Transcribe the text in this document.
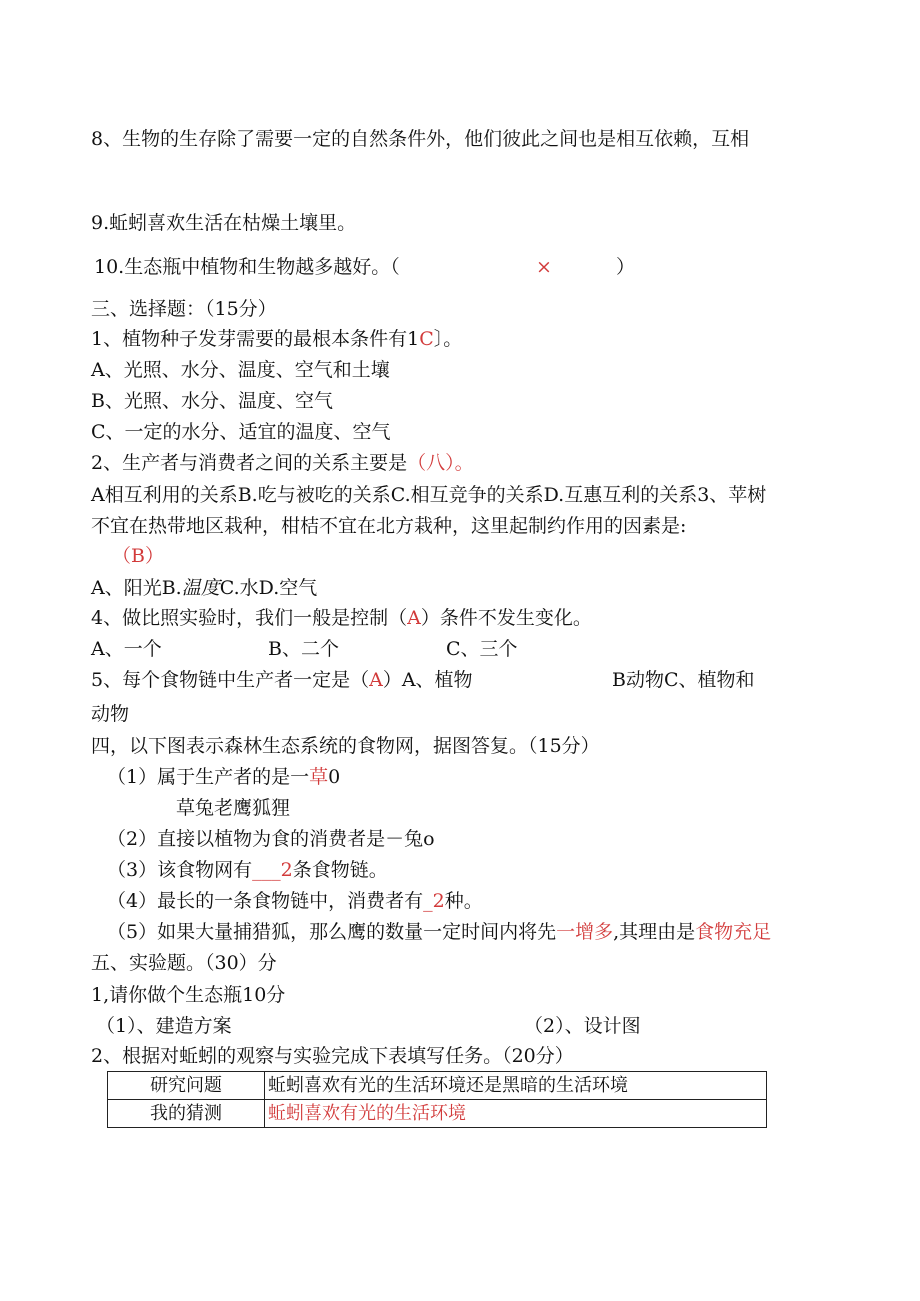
8、生物的生存除了需要一定的自然条件外，他们彼此之间也是相互依赖，互相
9.蚯蚓喜欢生活在枯燥土壤里。
10.生态瓶中植物和生物越多越好。（	×	）
三、选择题：（15分）
1、植物种子发芽需要的最根本条件有1C〕。
A、光照、水分、温度、空气和土壤
B、光照、水分、温度、空气
C、一定的水分、适宜的温度、空气
2、生产者与消费者之间的关系主要是（八）。
A相互利用的关系B.吃与被吃的关系C.相互竞争的关系D.互惠互利的关系3、苹树
不宜在热带地区栽种，柑桔不宜在北方栽种，这里起制约作用的因素是:
（B）
A、阳光B.温度C.水D.空气
4、做比照实验时，我们一般是控制（A）条件不发生变化。
A、一个	B、二个	C、三个
5、每个食物链中生产者一定是（A）A、植物	B动物C、植物和
动物
四，以下图表示森林生态系统的食物网，据图答复。（15分）
（1）属于生产者的是一草0
草兔老鹰狐狸
（2）直接以植物为食的消费者是－兔o
（3）该食物网有___2条食物链。
（4）最长的一条食物链中，消费者有_2种。
（5）如果大量捕猎狐，那么鹰的数量一定时间内将先一增多,其理由是食物充足
五、实验题。（30）分
1,请你做个生态瓶10分
（1）、建造方案	（2）、设计图
2、根据对蚯蚓的观察与实验完成下表填写任务。（20分）
研究问题	蚯蚓喜欢有光的生活环境还是黑暗的生活环境
我的猜测	蚯蚓喜欢有光的生活环境
